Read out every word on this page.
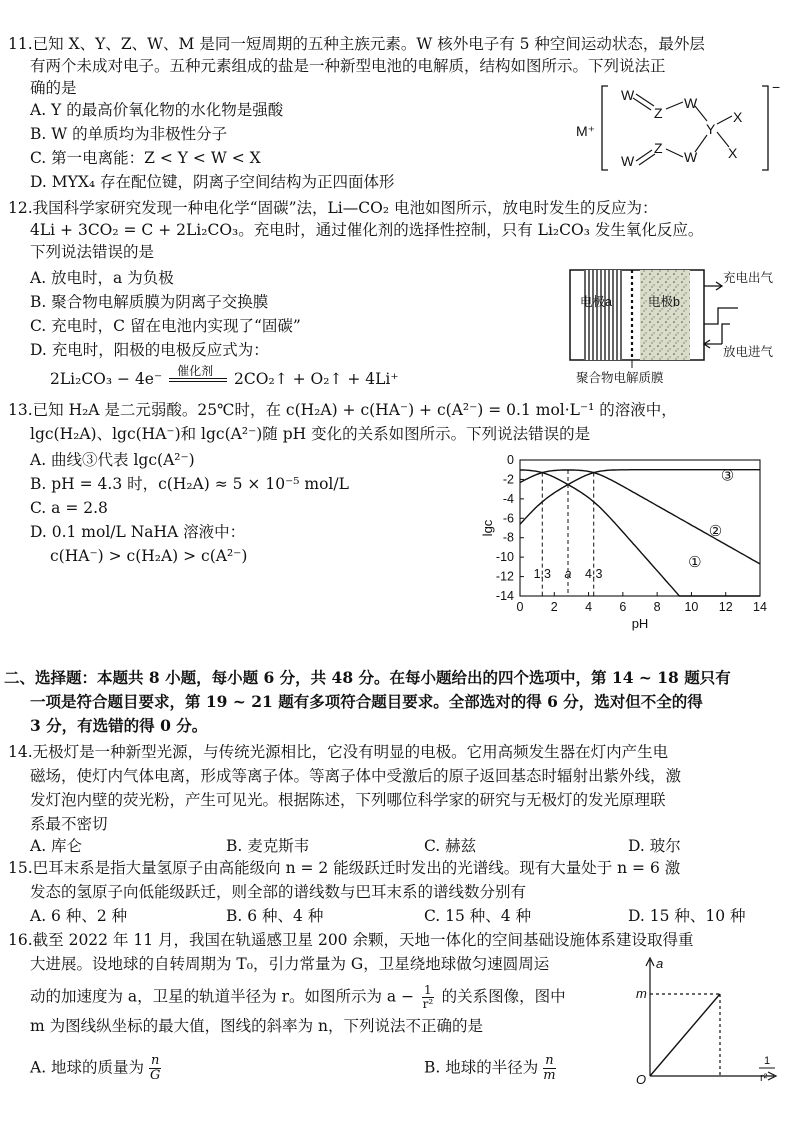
11.已知 X、Y、Z、W、M 是同一短周期的五种主族元素。W 核外电子有 5 种空间运动状态，最外层
有两个未成对电子。五种元素组成的盐是一种新型电池的电解质，结构如图所示。下列说法正
确的是
A. Y 的最高价氧化物的水化物是强酸
B. W 的单质均为非极性分子
C. 第一电离能：Z < Y < W < X
D. MYX₄ 存在配位键，阴离子空间结构为正四面体形
M⁺
−
W	W
Z
Y
X
X
Z
W
W
12.我国科学家研究发现一种电化学“固碳”法，Li—CO₂ 电池如图所示，放电时发生的反应为：
4Li + 3CO₂ = C + 2Li₂CO₃。充电时，通过催化剂的选择性控制，只有 Li₂CO₃ 发生氧化反应。
下列说法错误的是
A. 放电时，a 为负极
B. 聚合物电解质膜为阴离子交换膜
C. 充电时，C 留在电池内实现了“固碳”
D. 充电时，阳极的电极反应式为：
2Li₂CO₃ − 4e⁻ 催化剂 2CO₂↑ + O₂↑ + 4Li⁺
电极a	电极b
充电出气
放电进气
聚合物电解质膜
13.已知 H₂A 是二元弱酸。25℃时，在 c(H₂A) + c(HA⁻) + c(A²⁻) = 0.1 mol·L⁻¹ 的溶液中，
lgc(H₂A)、lgc(HA⁻)和 lgc(A²⁻)随 pH 变化的关系如图所示。下列说法错误的是
A. 曲线③代表 lgc(A²⁻)
B. pH = 4.3 时，c(H₂A) ≈ 5 × 10⁻⁵ mol/L
C. a = 2.8
D. 0.1 mol/L NaHA 溶液中：
c(HA⁻) > c(H₂A) > c(A²⁻)
0 2 4 6 8 10 12 14
0
-2
-4
-6
-8
-10
-12
-14
pH
lgc
1.3 a 4.3
①
②
③
二、选择题：本题共 8 小题，每小题 6 分，共 48 分。在每小题给出的四个选项中，第 14 ~ 18 题只有
一项是符合题目要求，第 19 ~ 21 题有多项符合题目要求。全部选对的得 6 分，选对但不全的得
3 分，有选错的得 0 分。
14.无极灯是一种新型光源，与传统光源相比，它没有明显的电极。它用高频发生器在灯内产生电
磁场，使灯内气体电离，形成等离子体。等离子体中受激后的原子返回基态时辐射出紫外线，激
发灯泡内壁的荧光粉，产生可见光。根据陈述，下列哪位科学家的研究与无极灯的发光原理联
系最不密切
A. 库仑	B. 麦克斯韦	C. 赫兹	D. 玻尔
15.巴耳末系是指大量氢原子由高能级向 n = 2 能级跃迁时发出的光谱线。现有大量处于 n = 6 激
发态的氢原子向低能级跃迁，则全部的谱线数与巴耳末系的谱线数分别有
A. 6 种、2 种	B. 6 种、4 种	C. 15 种、4 种	D. 15 种、10 种
16.截至 2022 年 11 月，我国在轨遥感卫星 200 余颗，天地一体化的空间基础设施体系建设取得重
大进展。设地球的自转周期为 T₀，引力常量为 G，卫星绕地球做匀速圆周运
动的加速度为 a，卫星的轨道半径为 r。如图所示为 $a - \frac{1}{\text{r²}}$ 的关系图像，图中
m 为图线纵坐标的最大值，图线的斜率为 n，下列说法不正确的是
A. 地球的质量为 $\frac{n}{G}$	B. 地球的半径为 $\frac{n}{m}$
a
m
O
1
r²
